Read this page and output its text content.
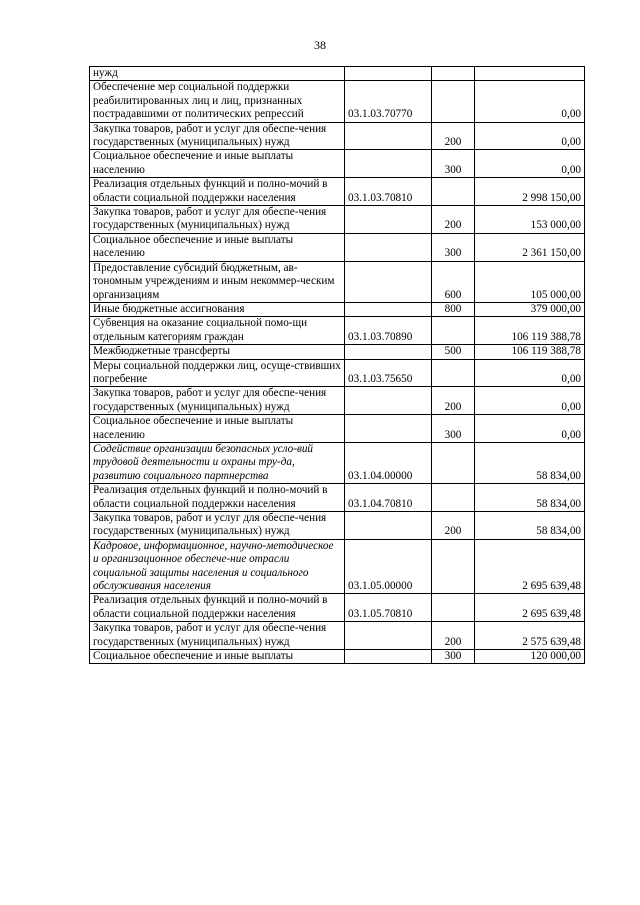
38
нужд			
Обеспечение мер социальной поддержки реабилитированных лиц и лиц, признанных пострадавшими от политических репрессий	03.1.03.70770		0,00
Закупка товаров, работ и услуг для обеспе-чения государственных (муниципальных) нужд		200	0,00
Социальное обеспечение и иные выплаты населению		300	0,00
Реализация отдельных функций и полно-мочий в области социальной поддержки населения	03.1.03.70810		2 998 150,00
Закупка товаров, работ и услуг для обеспе-чения государственных (муниципальных) нужд		200	153 000,00
Социальное обеспечение и иные выплаты населению		300	2 361 150,00
Предоставление субсидий бюджетным, ав-тономным учреждениям и иным некоммер-ческим организациям		600	105 000,00
Иные бюджетные ассигнования		800	379 000,00
Субвенция на оказание социальной помо-щи отдельным категориям граждан	03.1.03.70890		106 119 388,78
Межбюджетные трансферты		500	106 119 388,78
Меры социальной поддержки лиц, осуще-ствивших погребение	03.1.03.75650		0,00
Закупка товаров, работ и услуг для обеспе-чения государственных (муниципальных) нужд		200	0,00
Социальное обеспечение и иные выплаты населению		300	0,00
Содействие организации безопасных усло-вий трудовой деятельности и охраны тру-да, развитию социального партнерства	03.1.04.00000		58 834,00
Реализация отдельных функций и полно-мочий в области социальной поддержки населения	03.1.04.70810		58 834,00
Закупка товаров, работ и услуг для обеспе-чения государственных (муниципальных) нужд		200	58 834,00
Кадровое, информационное, научно-методическое и организационное обеспече-ние отрасли социальной защиты населения и социального обслуживания населения	03.1.05.00000		2 695 639,48
Реализация отдельных функций и полно-мочий в области социальной поддержки населения	03.1.05.70810		2 695 639,48
Закупка товаров, работ и услуг для обеспе-чения государственных (муниципальных) нужд		200	2 575 639,48
Социальное обеспечение и иные выплаты		300	120 000,00
